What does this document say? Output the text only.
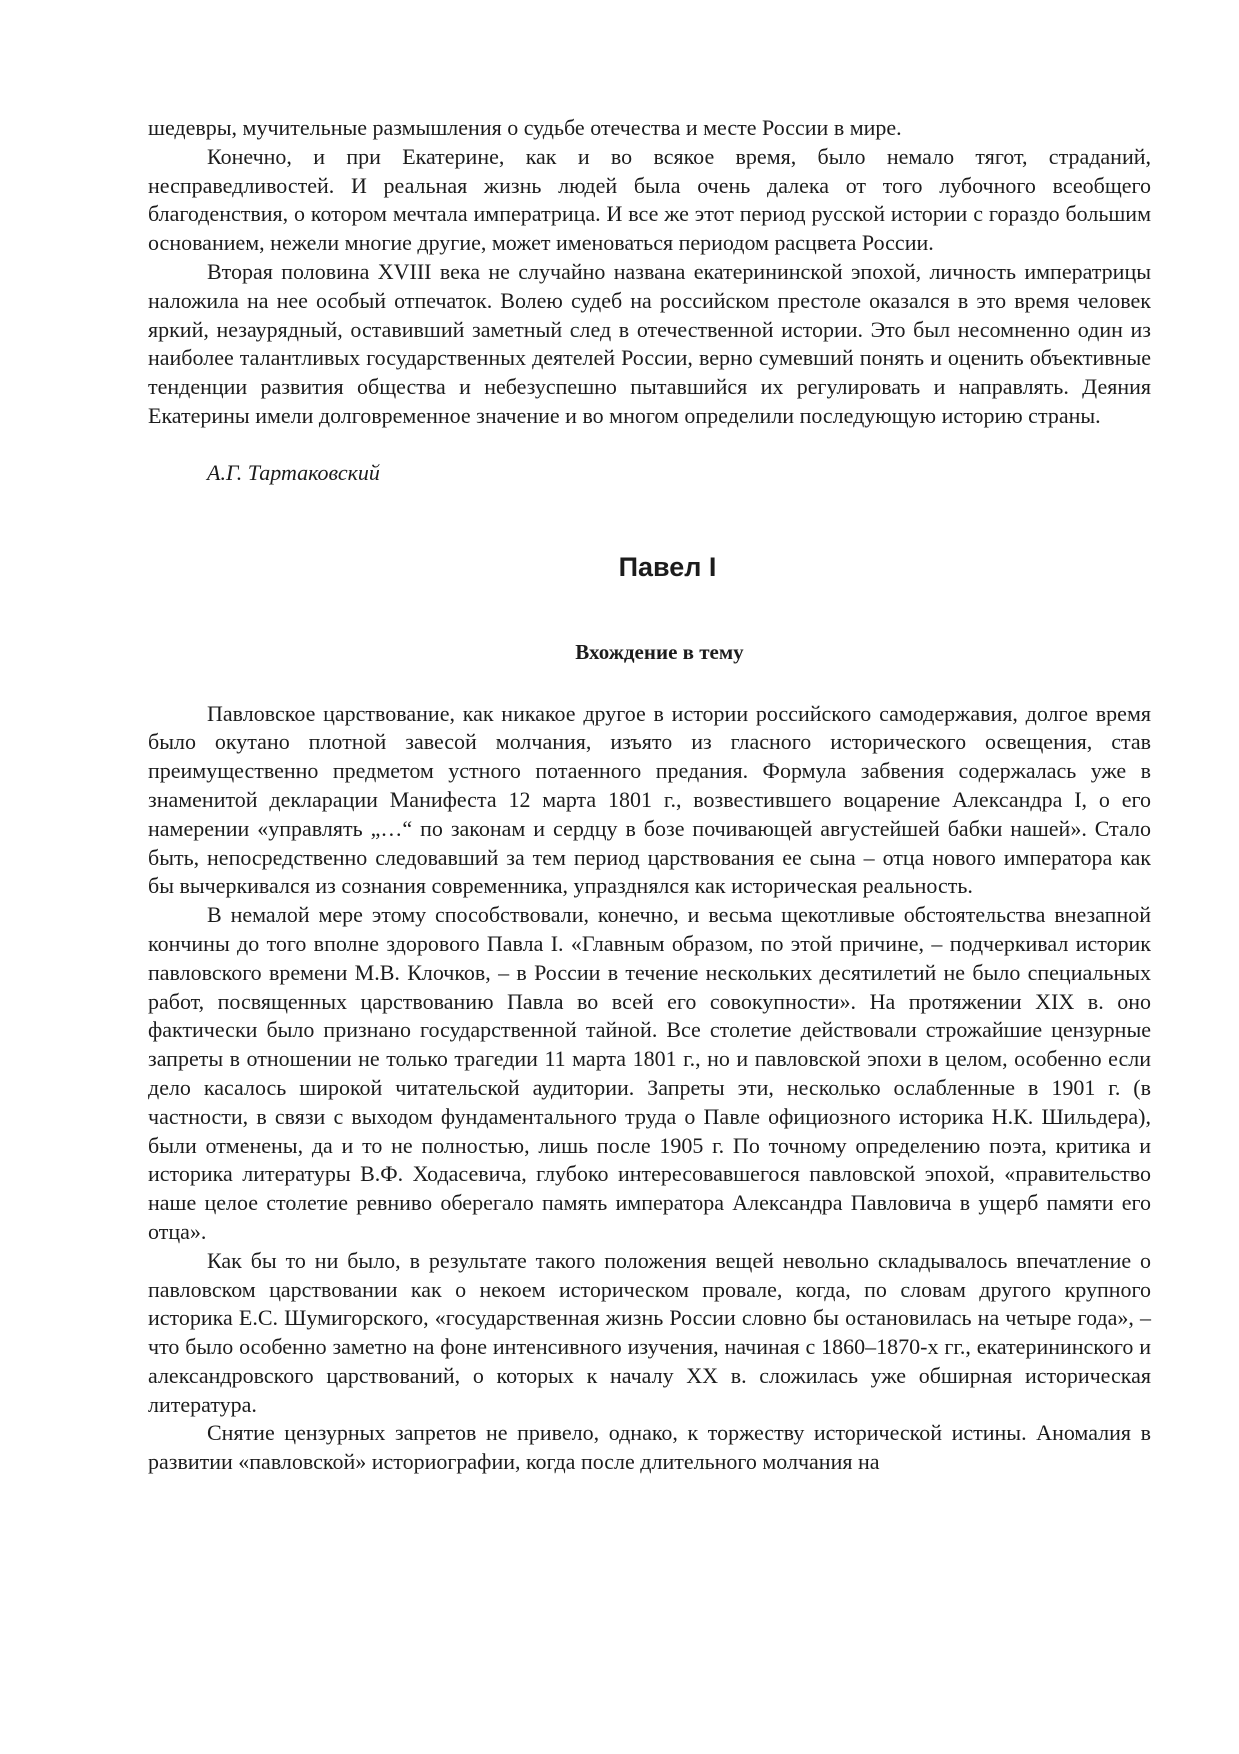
шедевры, мучительные размышления о судьбе отечества и месте России в мире.

Конечно, и при Екатерине, как и во всякое время, было немало тягот, страданий, несправедливостей. И реальная жизнь людей была очень далека от того лубочного всеобщего благоденствия, о котором мечтала императрица. И все же этот период русской истории с гораздо большим основанием, нежели многие другие, может именоваться периодом расцвета России.

Вторая половина XVIII века не случайно названа екатерининской эпохой, личность императрицы наложила на нее особый отпечаток. Волею судеб на российском престоле оказался в это время человек яркий, незаурядный, оставивший заметный след в отечественной истории. Это был несомненно один из наиболее талантливых государственных деятелей России, верно сумевший понять и оценить объективные тенденции развития общества и небезуспешно пытавшийся их регулировать и направлять. Деяния Екатерины имели долговременное значение и во многом определили последующую историю страны.

А.Г. Тартаковский

Павел I
Вхождение в тему

Павловское царствование, как никакое другое в истории российского самодержавия, долгое время было окутано плотной завесой молчания, изъято из гласного исторического освещения, став преимущественно предметом устного потаенного предания. Формула забвения содержалась уже в знаменитой декларации Манифеста 12 марта 1801 г., возвестившего воцарение Александра I, о его намерении «управлять „…“ по законам и сердцу в бозе почивающей августейшей бабки нашей». Стало быть, непосредственно следовавший за тем период царствования ее сына – отца нового императора как бы вычеркивался из сознания современника, упразднялся как историческая реальность.

В немалой мере этому способствовали, конечно, и весьма щекотливые обстоятельства внезапной кончины до того вполне здорового Павла I. «Главным образом, по этой причине, – подчеркивал историк павловского времени М.В. Клочков, – в России в течение нескольких десятилетий не было специальных работ, посвященных царствованию Павла во всей его совокупности». На протяжении XIX в. оно фактически было признано государственной тайной. Все столетие действовали строжайшие цензурные запреты в отношении не только трагедии 11 марта 1801 г., но и павловской эпохи в целом, особенно если дело касалось широкой читательской аудитории. Запреты эти, несколько ослабленные в 1901 г. (в частности, в связи с выходом фундаментального труда о Павле официозного историка Н.К. Шильдера), были отменены, да и то не полностью, лишь после 1905 г. По точному определению поэта, критика и историка литературы В.Ф. Ходасевича, глубоко интересовавшегося павловской эпохой, «правительство наше целое столетие ревниво оберегало память императора Александра Павловича в ущерб памяти его отца».

Как бы то ни было, в результате такого положения вещей невольно складывалось впечатление о павловском царствовании как о некоем историческом провале, когда, по словам другого крупного историка Е.С. Шумигорского, «государственная жизнь России словно бы остановилась на четыре года», – что было особенно заметно на фоне интенсивного изучения, начиная с 1860–1870-х гг., екатерининского и александровского царствований, о которых к началу XX в. сложилась уже обширная историческая литература.

Снятие цензурных запретов не привело, однако, к торжеству исторической истины. Аномалия в развитии «павловской» историографии, когда после длительного молчания на
